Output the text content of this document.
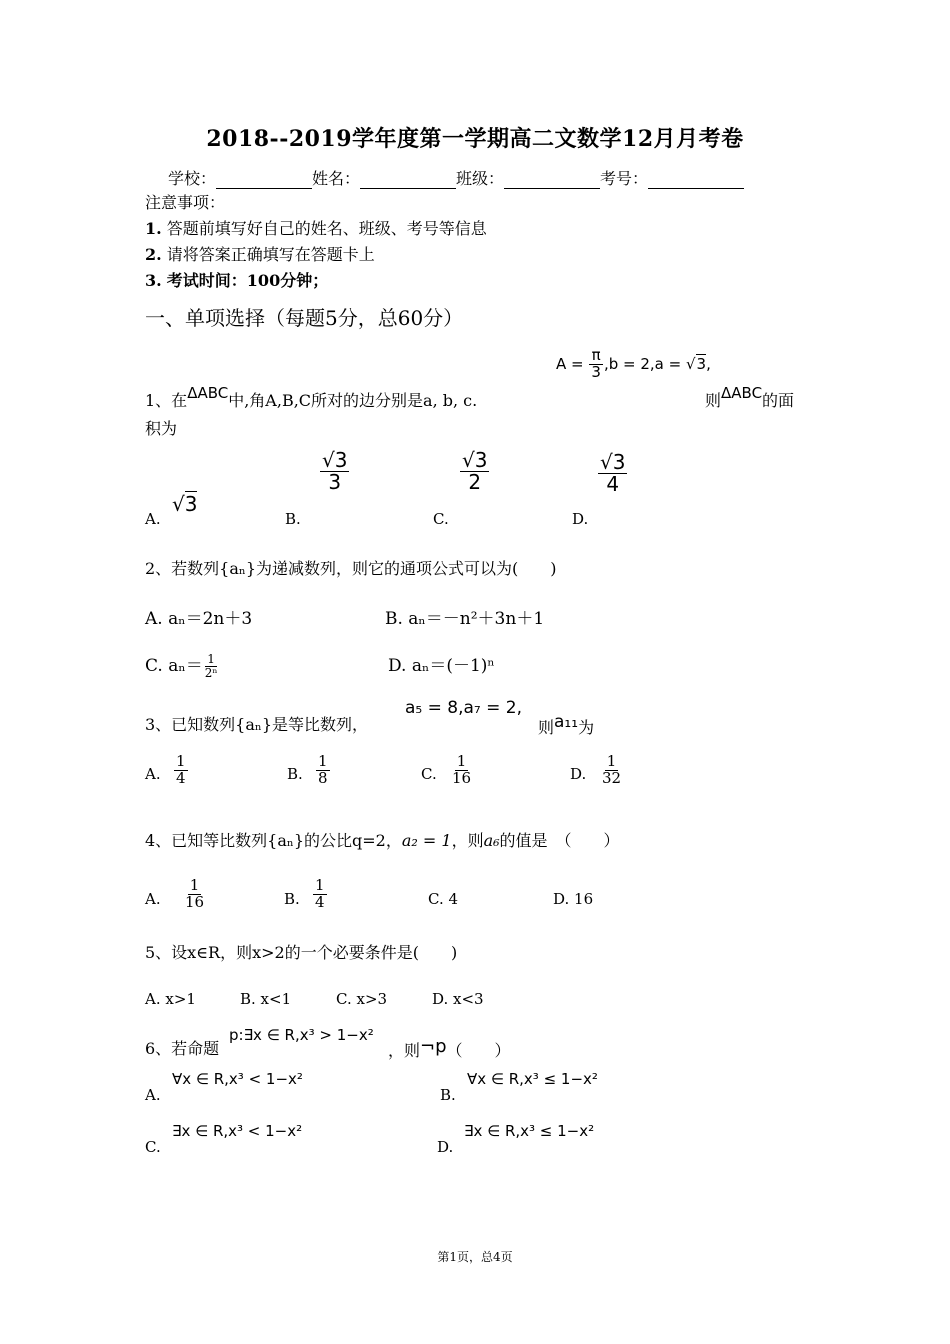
2018--2019学年度第一学期高二文数学12月月考卷
学校：	姓名：	班级：	考号：
注意事项：
1. 答题前填写好自己的姓名、班级、考号等信息
2. 请将答案正确填写在答题卡上
3. 考试时间：100分钟；
一、单项选择（每题5分，总60分）
1、在ΔABC中,角A,B,C所对的边分别是a, b, c.
$A = \frac{\pi}{3} ,b = 2,a = √3$,
则ΔABC的面
积为
A.
√3
B.
$\frac{√3}{3}$
C.
$\frac{√3}{2}$
D.
$\frac{√3}{4}$
2、若数列{aₙ}为递减数列，则它的通项公式可以为(　　)
A. aₙ＝2n＋3	B. aₙ＝－n²＋3n＋1
C. $a_n= \frac{1}{\text{2ⁿ}}$	D. aₙ＝(－1)ⁿ
3、已知数列{aₙ}是等比数列，
a₅ = 8,a₇ = 2,
则a₁₁为
A. $\frac{1}{4}$	B. $\frac{1}{8}$	C. $\frac{1}{16}$	D. $\frac{1}{32}$
4、已知等比数列{aₙ}的公比q=2，a₂ = 1，则a₆的值是　（　　）
A. $\frac{1}{16}$	B. $\frac{1}{4}$	C. 4	D. 16
5、设x∈R，则x>2的一个必要条件是(　　)
A. x>1	B. x<1	C. x>3	D. x<3
6、若命题
p:∃x ∈ R,x³ > 1−x²
，则¬p（　　）
A.
∀x ∈ R,x³ < 1−x²
B.
∀x ∈ R,x³ ≤ 1−x²
C.
∃x ∈ R,x³ < 1−x²
D.
∃x ∈ R,x³ ≤ 1−x²
第1页，总4页
